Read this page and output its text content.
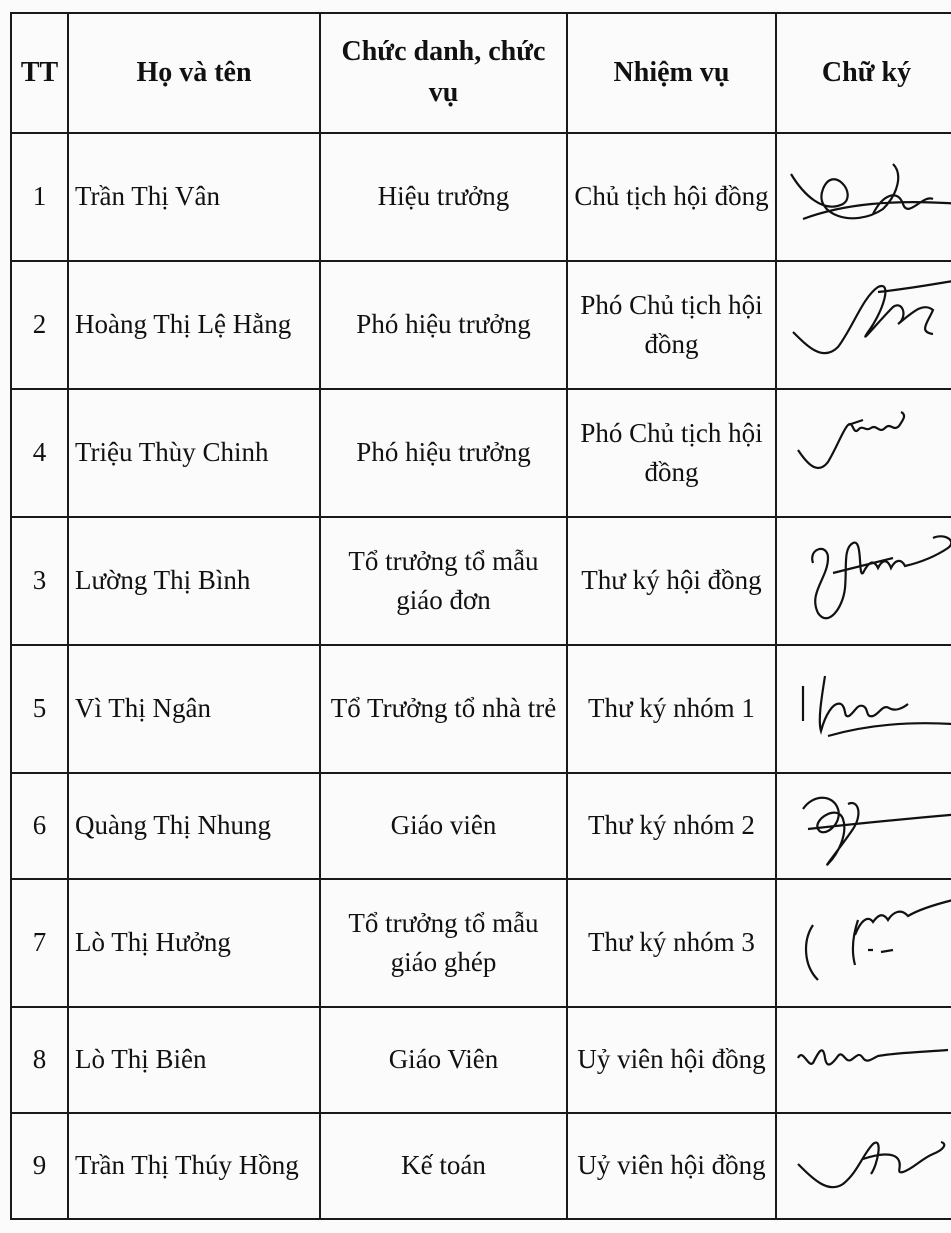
TT	Họ và tên	Chức danh, chức vụ	Nhiệm vụ	Chữ ký
1	Trần Thị Vân	Hiệu trưởng	Chủ tịch hội đồng	

2	Hoàng Thị Lệ Hằng	Phó hiệu trưởng	Phó Chủ tịch hội đồng	

4	Triệu Thùy Chinh	Phó hiệu trưởng	Phó Chủ tịch hội đồng	

3	Lường Thị Bình	Tổ trưởng tổ mẫu giáo đơn	Thư ký hội đồng	

5	Vì Thị Ngân	Tổ Trưởng tổ nhà trẻ	Thư ký nhóm 1	

6	Quàng Thị Nhung	Giáo viên	Thư ký nhóm 2	

7	Lò Thị Hưởng	Tổ trưởng tổ mẫu giáo ghép	Thư ký nhóm 3	

8	Lò Thị Biên	Giáo Viên	Uỷ viên hội đồng	

9	Trần Thị Thúy Hồng	Kế toán	Uỷ viên hội đồng	
